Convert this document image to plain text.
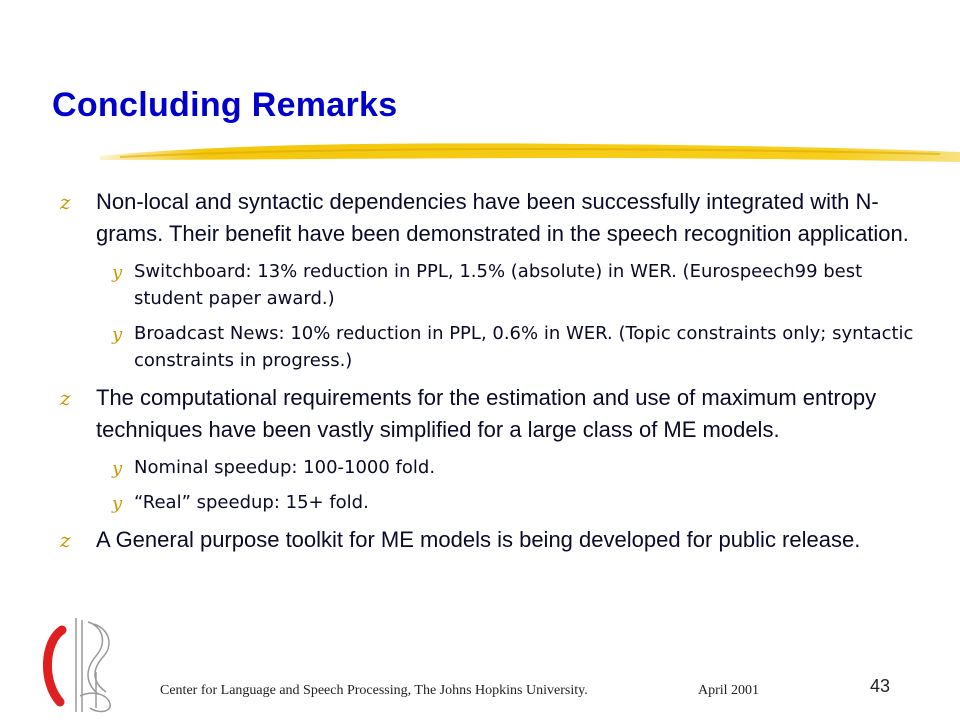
Concluding Remarks
z Non-local and syntactic dependencies have been successfully integrated with N-grams. Their benefit have been demonstrated in the speech recognition application.
y Switchboard: 13% reduction in PPL, 1.5% (absolute) in WER. (Eurospeech99 best student paper award.)
y Broadcast News: 10% reduction in PPL, 0.6% in WER. (Topic constraints only; syntactic constraints in progress.)
z The computational requirements for the estimation and use of maximum entropy techniques have been vastly simplified for a large class of ME models.
y Nominal speedup: 100-1000 fold.
y “Real” speedup: 15+ fold.
z A General purpose toolkit for ME models is being developed for public release.
Center for Language and Speech Processing, The Johns Hopkins University.	April 2001	43
